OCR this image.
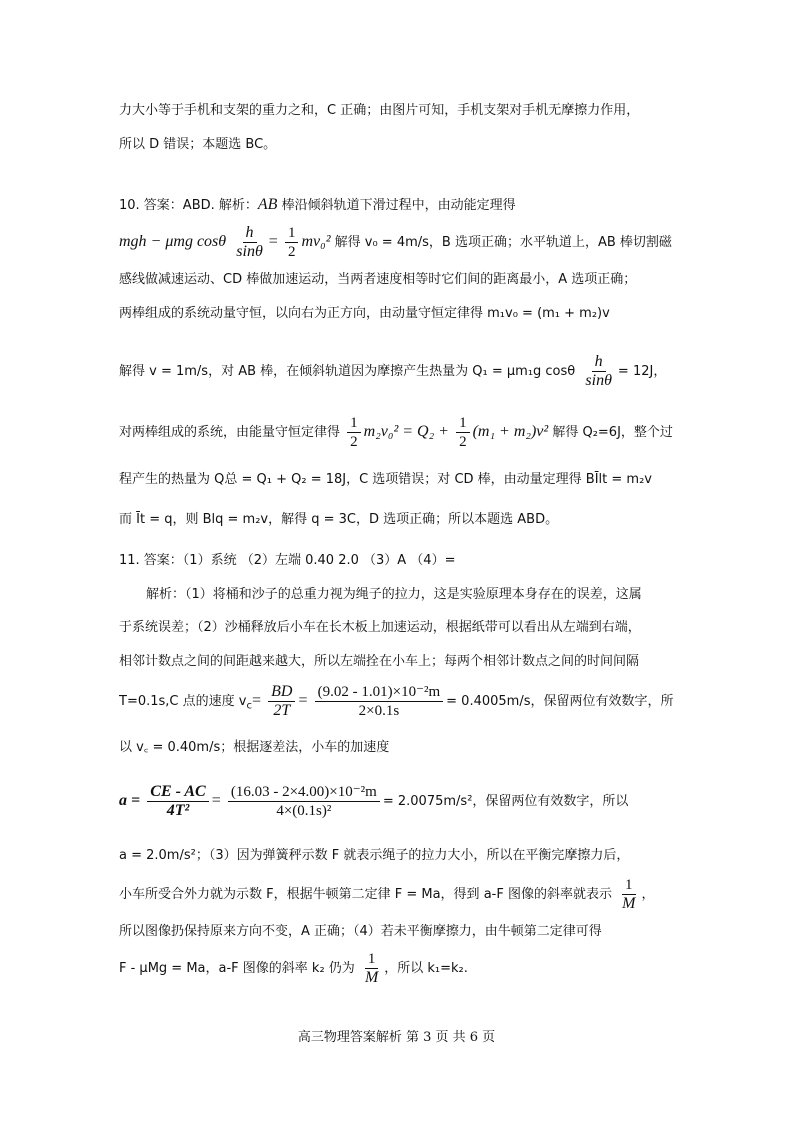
力大小等于手机和支架的重力之和，C 正确；由图片可知，手机支架对手机无摩擦力作用，
所以 D 错误；本题选 BC。
10. 答案：ABD. 解析：AB 棒沿倾斜轨道下滑过程中，由动能定理得
mgh − μmg cosθ $\frac{h}{\sin\theta} = \frac{1}{2} mv_0^2$ 解得 v₀ = 4m/s，B 选项正确；水平轨道上，AB 棒切割磁
感线做减速运动、CD 棒做加速运动，当两者速度相等时它们间的距离最小，A 选项正确；
两棒组成的系统动量守恒，以向右为正方向，由动量守恒定律得 m₁v₀ = (m₁ + m₂)v
解得 v = 1m/s，对 AB 棒，在倾斜轨道因为摩擦产生热量为 Q₁ = μm₁g cosθ $\frac{h}{\sin\theta} = 12J$，
对两棒组成的系统，由能量守恒定律得 $\frac{1}{2} m_2v_0^2 = Q_2 + \frac{1}{2} (m_1 + m_2)v^2$ 解得 Q₂=6J，整个过
程产生的热量为 Q总 = Q₁ + Q₂ = 18J，C 选项错误；对 CD 棒，由动量定理得 BĪlt = m₂v
而 Īt = q，则 Blq = m₂v，解得 q = 3C，D 选项正确；所以本题选 ABD。
11. 答案：（1）系统 （2）左端 0.40 2.0 （3）A （4）=
解析：（1）将桶和沙子的总重力视为绳子的拉力，这是实验原理本身存在的误差，这属
于系统误差；（2）沙桶释放后小车在长木板上加速运动，根据纸带可以看出从左端到右端，
相邻计数点之间的间距越来越大，所以左端拴在小车上；每两个相邻计数点之间的时间间隔
T=0.1s,C 点的速度 $v_c= \frac{BD}{2T} = \frac{\text{(9.02 - 1.01)×10⁻²m}}{2\times 0.1s} = 0.4005m/s$，保留两位有效数字，所
以 v꜀ = 0.40m/s；根据逐差法，小车的加速度
$a = \frac{CE - AC}{\text{4T²}} = \frac{\text{(16.03 - 2×4.00)×10⁻²m}}{\text{4×(0.1s)²}} = 2.0075m/s^2$，保留两位有效数字，所以
a = 2.0m/s²；（3）因为弹簧秤示数 F 就表示绳子的拉力大小，所以在平衡完摩擦力后，
小车所受合外力就为示数 F，根据牛顿第二定律 F = Ma，得到 a-F 图像的斜率就表示 $\frac{1}{M}$ ，
所以图像扔保持原来方向不变，A 正确；（4）若未平衡摩擦力，由牛顿第二定律可得
F - μMg = Ma，a-F 图像的斜率 k₂ 仍为 $\frac{1}{M}$ ，所以 k₁=k₂.
高三物理答案解析 第 3 页 共 6 页
